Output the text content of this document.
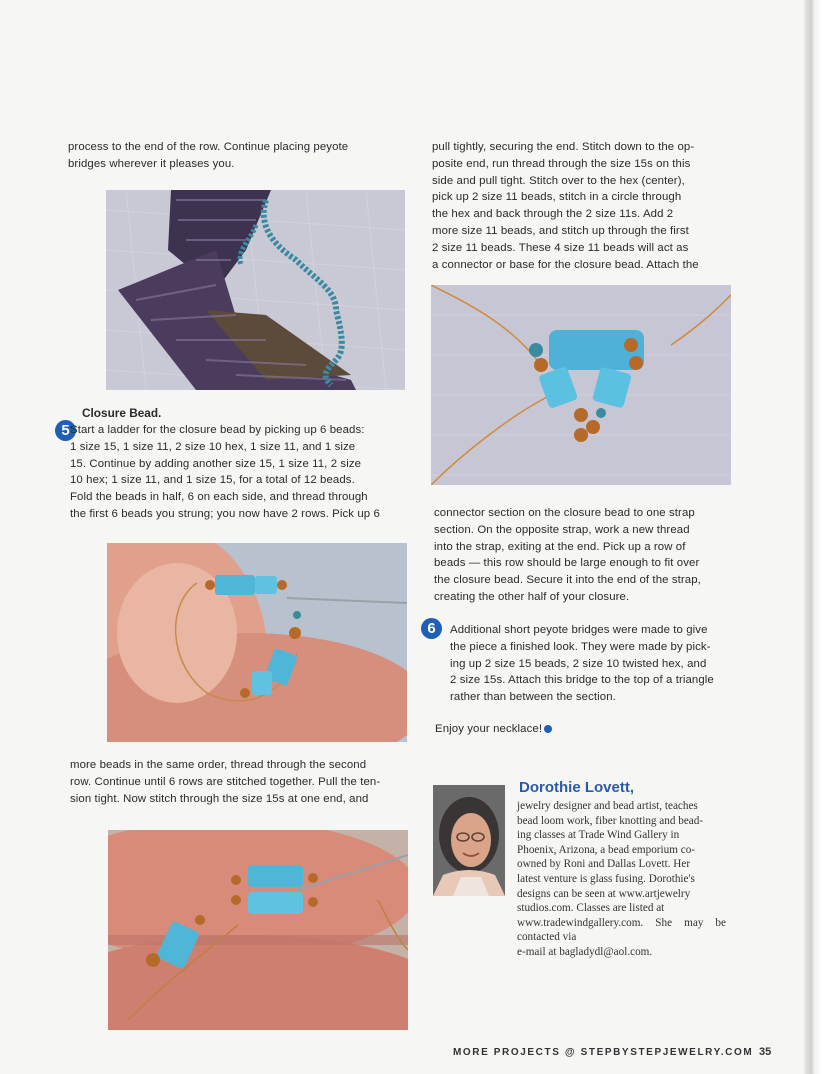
process to the end of the row. Continue placing peyote
bridges wherever it pleases you.
5
Closure Bead.
Start a ladder for the closure bead by picking up 6 beads:
1 size 15, 1 size 11, 2 size 10 hex, 1 size 11, and 1 size
15. Continue by adding another size 15, 1 size 11, 2 size
10 hex; 1 size 11, and 1 size 15, for a total of 12 beads.
Fold the beads in half, 6 on each side, and thread through
the first 6 beads you strung; you now have 2 rows. Pick up 6
more beads in the same order, thread through the second
row. Continue until 6 rows are stitched together. Pull the ten-
sion tight. Now stitch through the size 15s at one end, and
pull tightly, securing the end. Stitch down to the op-
posite end, run thread through the size 15s on this
side and pull tight. Stitch over to the hex (center),
pick up 2 size 11 beads, stitch in a circle through
the hex and back through the 2 size 11s. Add 2
more size 11 beads, and stitch up through the first
2 size 11 beads. These 4 size 11 beads will act as
a connector or base for the closure bead. Attach the
connector section on the closure bead to one strap
section. On the opposite strap, work a new thread
into the strap, exiting at the end. Pick up a row of
beads — this row should be large enough to fit over
the closure bead. Secure it into the end of the strap,
creating the other half of your closure.
6	Additional short peyote bridges were made to give
the piece a finished look. They were made by pick-
ing up 2 size 15 beads, 2 size 10 twisted hex, and
2 size 15s. Attach this bridge to the top of a triangle
rather than between the section.
Enjoy your necklace!
Dorothie Lovett,
jewelry designer and bead artist, teaches
bead loom work, fiber knotting and bead-
ing classes at Trade Wind Gallery in
Phoenix, Arizona, a bead emporium co-
owned by Roni and Dallas Lovett. Her
latest venture is glass fusing. Dorothie's
designs can be seen at www.artjewelry
studios.com. Classes are listed at
www.tradewindgallery.com. She may be contacted via
e-mail at bagladydl@aol.com.
MORE PROJECTS @ STEPBYSTEPJEWELRY.COM 35
